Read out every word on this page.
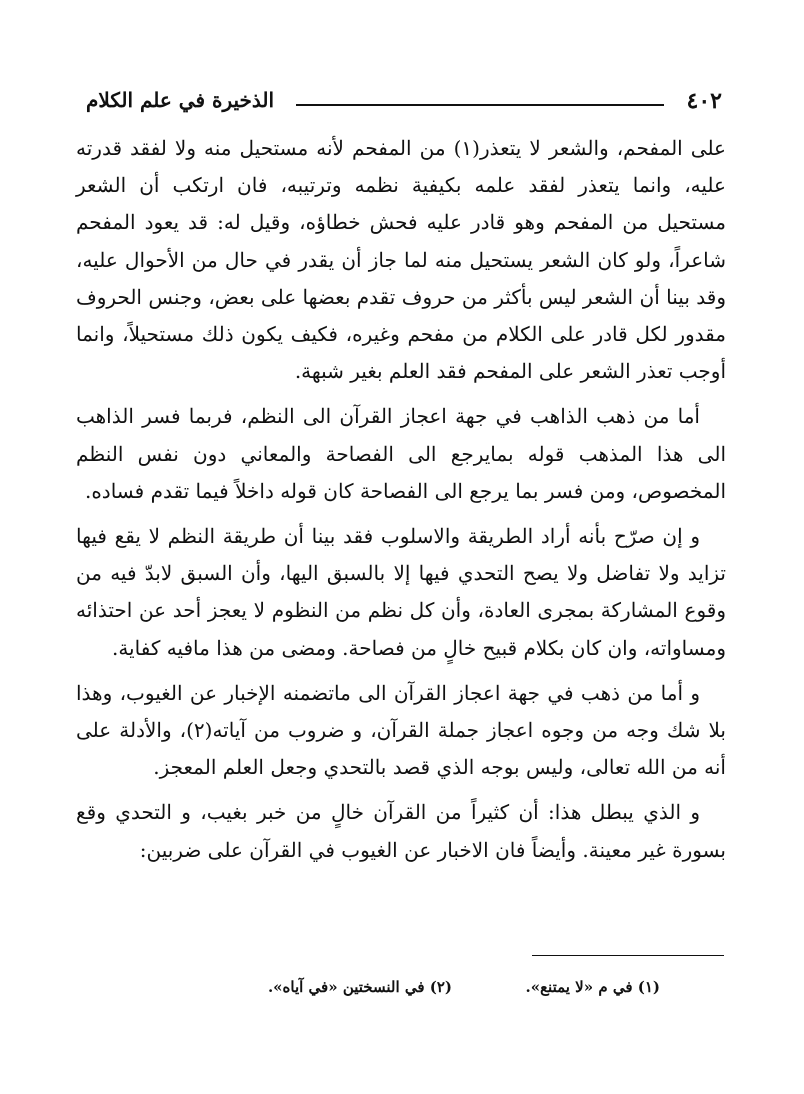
٤٠٢
الذخيرة في علم الكلام

على المفحم، والشعر لا يتعذر(١) من المفحم لأنه مستحيل منه ولا لفقد قدرته عليه، وانما يتعذر لفقد علمه بكيفية نظمه وترتيبه، فان ارتكب أن الشعر مستحيل من المفحم وهو قادر عليه فحش خطاؤه، وقيل له: قد يعود المفحم شاعراً، ولو كان الشعر يستحيل منه لما جاز أن يقدر في حال من الأحوال عليه، وقد بينا أن الشعر ليس بأكثر من حروف تقدم بعضها على بعض، وجنس الحروف مقدور لكل قادر على الكلام من مفحم وغيره، فكيف يكون ذلك مستحيلاً، وانما أوجب تعذر الشعر على المفحم فقد العلم بغير شبهة.

أما من ذهب الذاهب في جهة اعجاز القرآن الى النظم، فربما فسر الذاهب الى هذا المذهب قوله بمايرجع الى الفصاحة والمعاني دون نفس النظم المخصوص، ومن فسر بما يرجع الى الفصاحة كان قوله داخلاً فيما تقدم فساده.

و إن صرّح بأنه أراد الطريقة والاسلوب فقد بينا أن طريقة النظم لا يقع فيها تزايد ولا تفاضل ولا يصح التحدي فيها إلا بالسبق اليها، وأن السبق لابدّ فيه من وقوع المشاركة بمجرى العادة، وأن كل نظم من النظوم لا يعجز أحد عن احتذائه ومساواته، وان كان بكلام قبيح خالٍ من فصاحة. ومضى من هذا مافيه كفاية.

و أما من ذهب في جهة اعجاز القرآن الى ماتضمنه الإخبار عن الغيوب، وهذا بلا شك وجه من وجوه اعجاز جملة القرآن، و ضروب من آياته(٢)، والأدلة على أنه من الله تعالى، وليس بوجه الذي قصد بالتحدي وجعل العلم المعجز.

و الذي يبطل هذا: أن كثيراً من القرآن خالٍ من خبر بغيب، و التحدي وقع بسورة غير معينة. وأيضاً فان الاخبار عن الغيوب في القرآن على ضربين:

(١) في م «لا يمتنع».
(٢) في النسختين «في آياه».
